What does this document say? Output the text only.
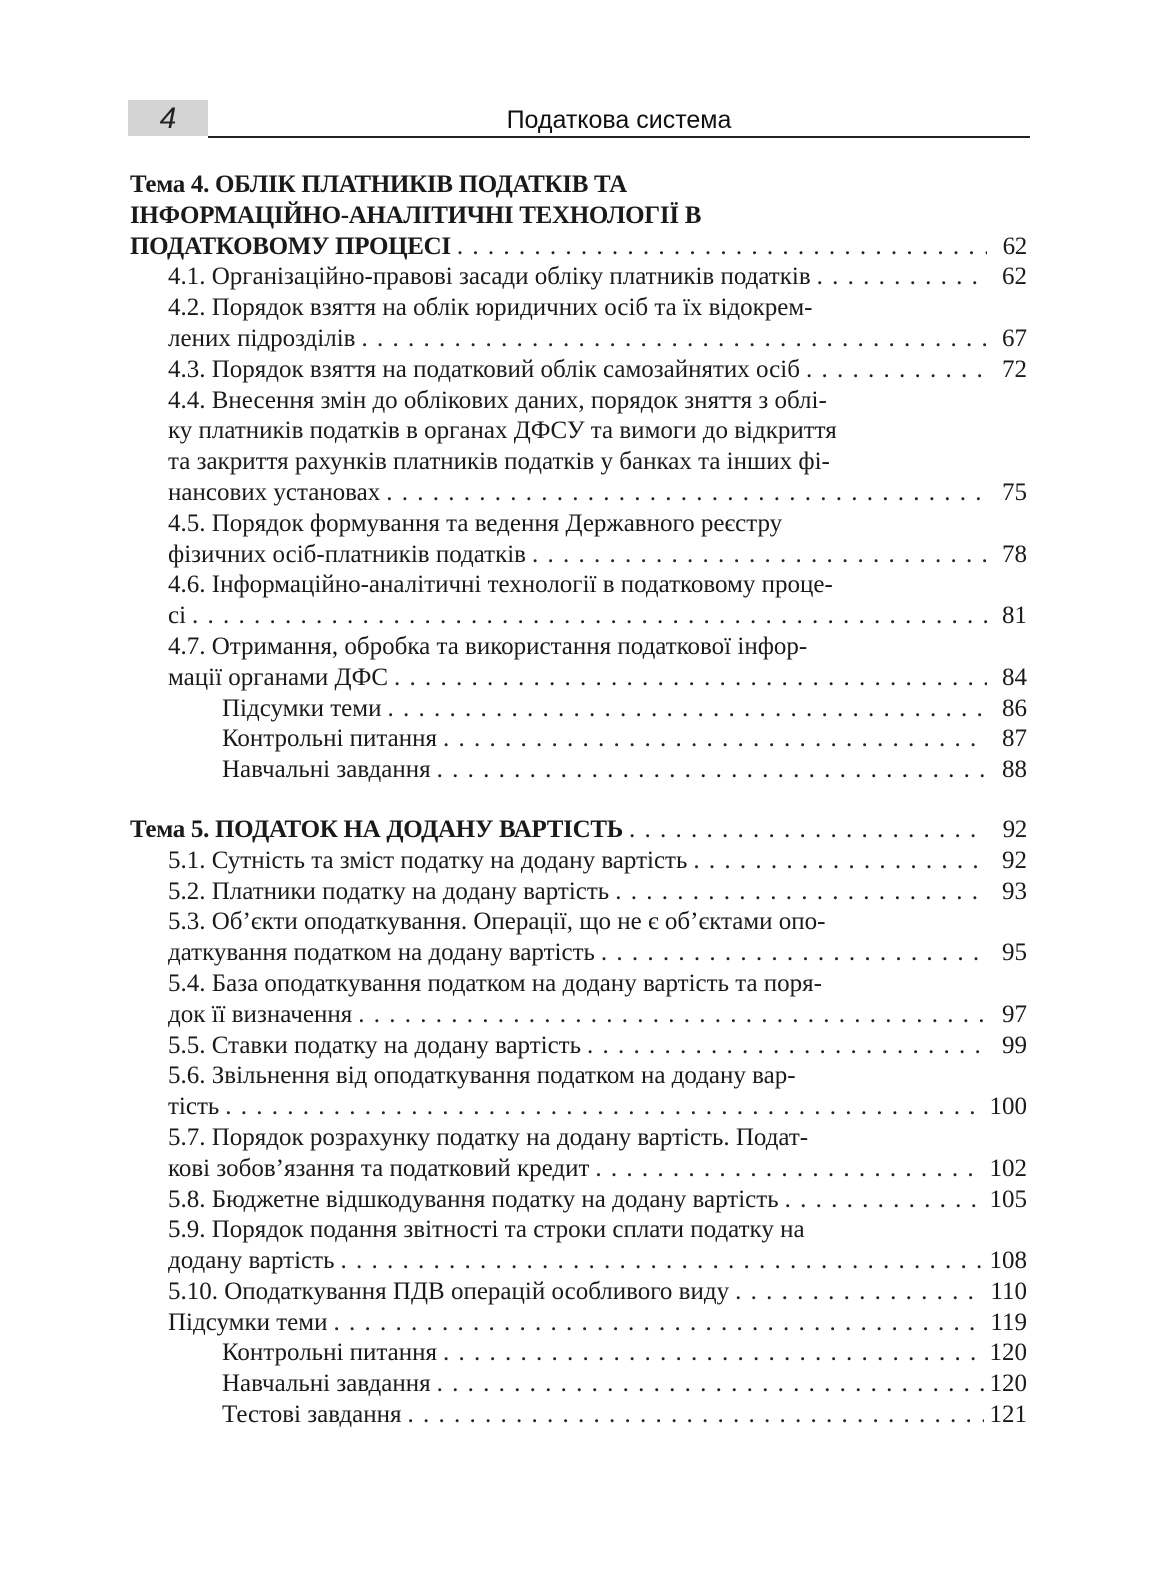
4	Податкова система
Тема 4. ОБЛІК ПЛАТНИКІВ ПОДАТКІВ ТА
ІНФОРМАЦІЙНО-АНАЛІТИЧНІ ТЕХНОЛОГІЇ В
ПОДАТКОВОМУ ПРОЦЕСІ . . .	62
4.1. Організаційно-правові засади обліку платників податків . . .	62
4.2. Порядок взяття на облік юридичних осіб та їх відокрем-
лених підрозділів . . .	67
4.3. Порядок взяття на податковий облік самозайнятих осіб . . .	72
4.4. Внесення змін до облікових даних, порядок зняття з облі-
ку платників податків в органах ДФСУ та вимоги до відкриття
та закриття рахунків платників податків у банках та інших фі-
нансових установах . . .	75
4.5. Порядок формування та ведення Державного реєстру
фізичних осіб-платників податків . . .	78
4.6. Інформаційно-аналітичні технології в податковому проце-
сі . . .	81
4.7. Отримання, обробка та використання податкової інфор-
мації органами ДФС . . .	84
Підсумки теми . . .	86
Контрольні питання . . .	87
Навчальні завдання . . .	88
Тема 5. ПОДАТОК НА ДОДАНУ ВАРТІСТЬ . . .	92
5.1. Сутність та зміст податку на додану вартість . . .	92
5.2. Платники податку на додану вартість . . .	93
5.3. Об’єкти оподаткування. Операції, що не є об’єктами опо-
даткування податком на додану вартість . . .	95
5.4. База оподаткування податком на додану вартість та поря-
док її визначення . . .	97
5.5. Ставки податку на додану вартість . . .	99
5.6. Звільнення від оподаткування податком на додану вар-
тість . . .	100
5.7. Порядок розрахунку податку на додану вартість. Подат-
кові зобов’язання та податковий кредит . . .	102
5.8. Бюджетне відшкодування податку на додану вартість . . .	105
5.9. Порядок подання звітності та строки сплати податку на
додану вартість . . .	108
5.10. Оподаткування ПДВ операцій особливого виду . . .	110
Підсумки теми . . .	119
Контрольні питання . . .	120
Навчальні завдання . . .	120
Тестові завдання . . .	121
